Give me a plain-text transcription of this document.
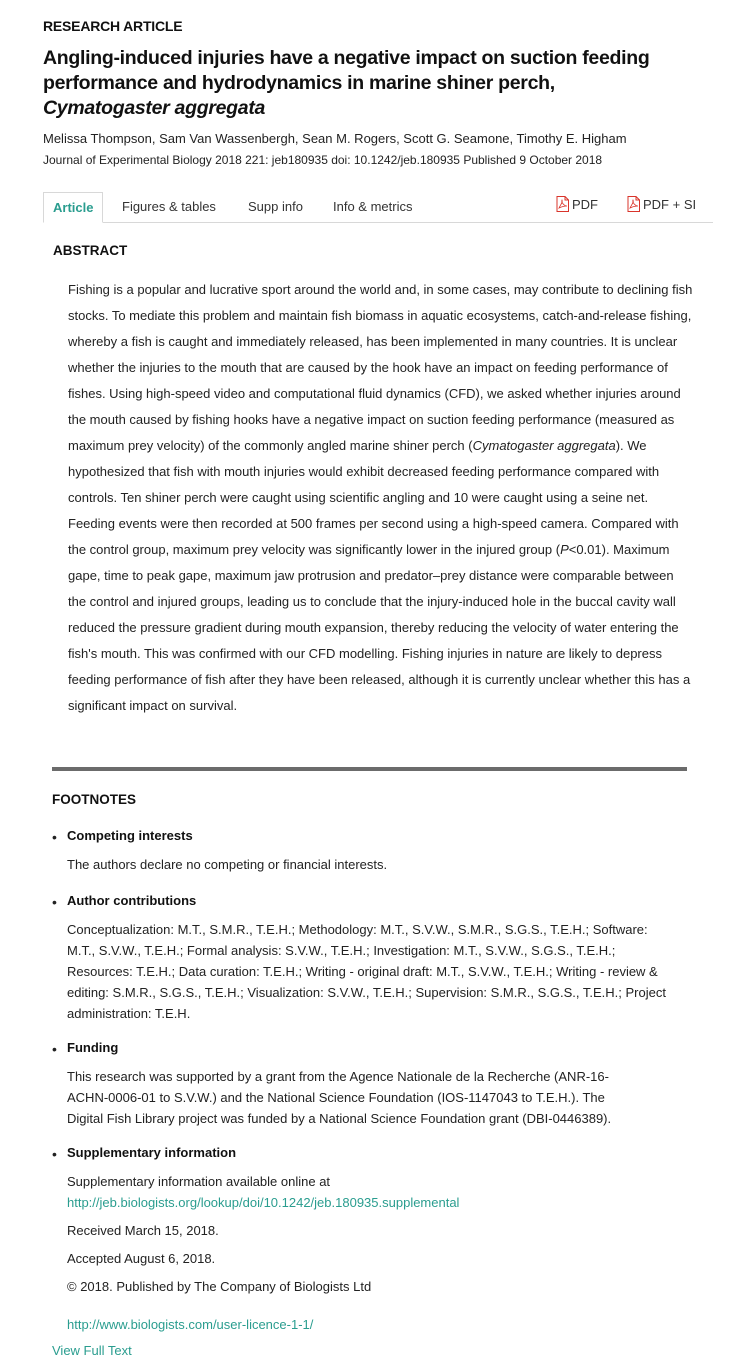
RESEARCH ARTICLE
Angling-induced injuries have a negative impact on suction feeding performance and hydrodynamics in marine shiner perch, Cymatogaster aggregata
Melissa Thompson, Sam Van Wassenbergh, Sean M. Rogers, Scott G. Seamone, Timothy E. Higham
Journal of Experimental Biology 2018 221: jeb180935 doi: 10.1242/jeb.180935 Published 9 October 2018
Article	Figures & tables	Supp info	Info & metrics	PDF	PDF + SI
ABSTRACT

Fishing is a popular and lucrative sport around the world and, in some cases, may contribute to declining fish stocks. To mediate this problem and maintain fish biomass in aquatic ecosystems, catch-and-release fishing, whereby a fish is caught and immediately released, has been implemented in many countries. It is unclear whether the injuries to the mouth that are caused by the hook have an impact on feeding performance of fishes. Using high-speed video and computational fluid dynamics (CFD), we asked whether injuries around the mouth caused by fishing hooks have a negative impact on suction feeding performance (measured as maximum prey velocity) of the commonly angled marine shiner perch (Cymatogaster aggregata). We hypothesized that fish with mouth injuries would exhibit decreased feeding performance compared with controls. Ten shiner perch were caught using scientific angling and 10 were caught using a seine net. Feeding events were then recorded at 500 frames per second using a high-speed camera. Compared with the control group, maximum prey velocity was significantly lower in the injured group (P<0.01). Maximum gape, time to peak gape, maximum jaw protrusion and predator–prey distance were comparable between the control and injured groups, leading us to conclude that the injury-induced hole in the buccal cavity wall reduced the pressure gradient during mouth expansion, thereby reducing the velocity of water entering the fish's mouth. This was confirmed with our CFD modelling. Fishing injuries in nature are likely to depress feeding performance of fish after they have been released, although it is currently unclear whether this has a significant impact on survival.

FOOTNOTES
• Competing interests

The authors declare no competing or financial interests.

• Author contributions

Conceptualization: M.T., S.M.R., T.E.H.; Methodology: M.T., S.V.W., S.M.R., S.G.S., T.E.H.; Software: M.T., S.V.W., T.E.H.; Formal analysis: S.V.W., T.E.H.; Investigation: M.T., S.V.W., S.G.S., T.E.H.; Resources: T.E.H.; Data curation: T.E.H.; Writing - original draft: M.T., S.V.W., T.E.H.; Writing - review & editing: S.M.R., S.G.S., T.E.H.; Visualization: S.V.W., T.E.H.; Supervision: S.M.R., S.G.S., T.E.H.; Project administration: T.E.H.

• Funding

This research was supported by a grant from the Agence Nationale de la Recherche (ANR-16-ACHN-0006-01 to S.V.W.) and the National Science Foundation (IOS-1147043 to T.E.H.). The Digital Fish Library project was funded by a National Science Foundation grant (DBI-0446389).

• Supplementary information

Supplementary information available online at

http://jeb.biologists.org/lookup/doi/10.1242/jeb.180935.supplemental

Received March 15, 2018.

Accepted August 6, 2018.

© 2018. Published by The Company of Biologists Ltd

http://www.biologists.com/user-licence-1-1/

View Full Text
